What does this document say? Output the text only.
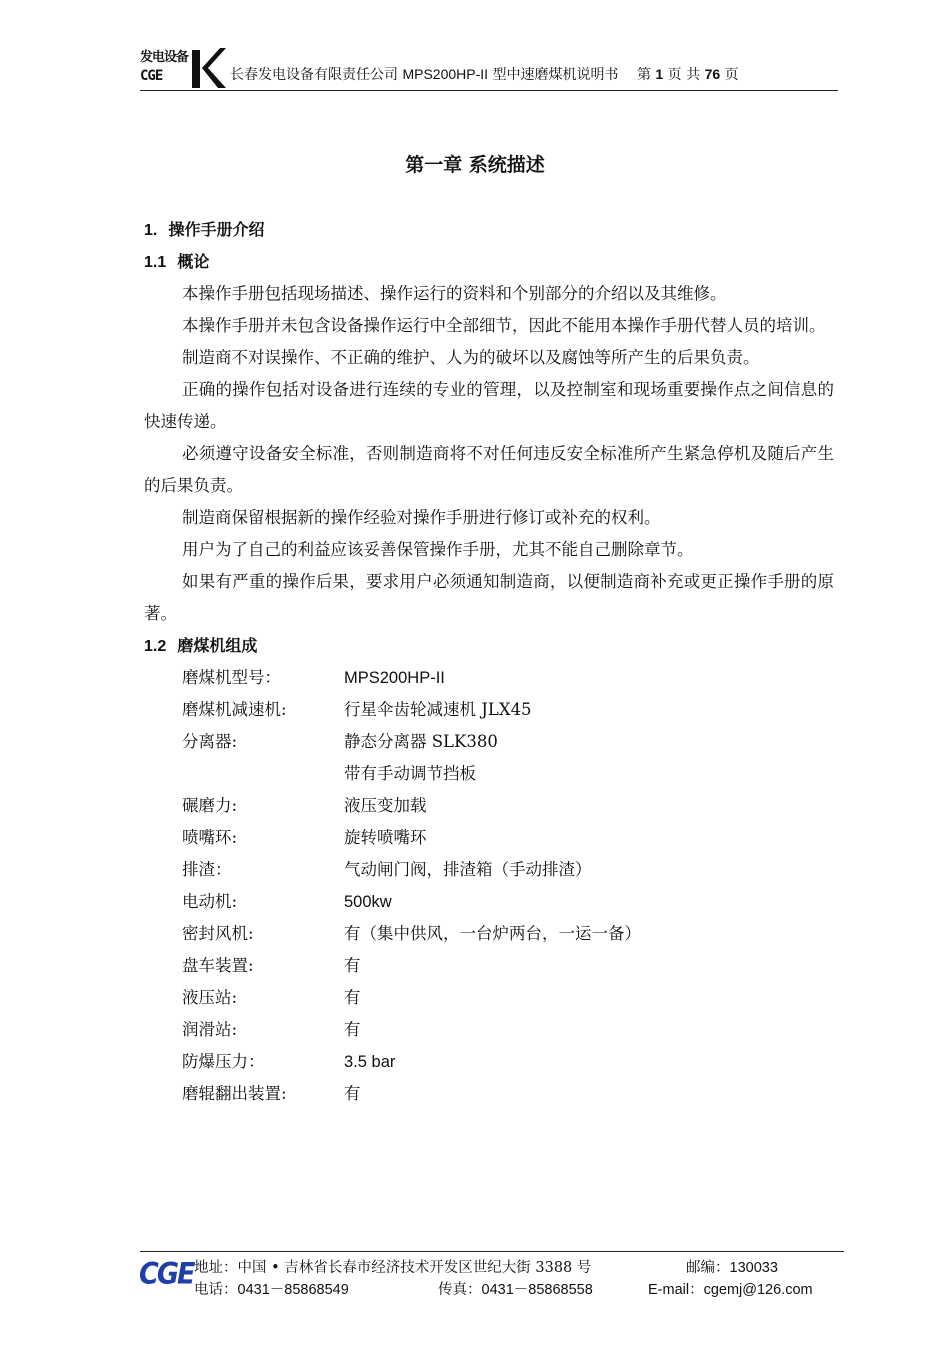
发电设备
CGE	长春发电设备有限责任公司 MPS200HP-II 型中速磨煤机说明书 第 1 页 共 76 页
第一章 系统描述
1. 操作手册介绍
1.1 概论

本操作手册包括现场描述、操作运行的资料和个别部分的介绍以及其维修。

本操作手册并未包含设备操作运行中全部细节，因此不能用本操作手册代替人员的培训。

制造商不对误操作、不正确的维护、人为的破坏以及腐蚀等所产生的后果负责。

正确的操作包括对设备进行连续的专业的管理，以及控制室和现场重要操作点之间信息的快速传递。

必须遵守设备安全标准，否则制造商将不对任何违反安全标准所产生紧急停机及随后产生的后果负责。

制造商保留根据新的操作经验对操作手册进行修订或补充的权利。

用户为了自己的利益应该妥善保管操作手册，尤其不能自己删除章节。

如果有严重的操作后果，要求用户必须通知制造商，以便制造商补充或更正操作手册的原著。

1.2 磨煤机组成
磨煤机型号：	MPS200HP-II
磨煤机减速机:	行星伞齿轮减速机 JLX45
分离器:	静态分离器 SLK380
带有手动调节挡板
碾磨力:	液压变加载
喷嘴环:	旋转喷嘴环
排渣：	气动闸门阀，排渣箱（手动排渣）
电动机:	500kw
密封风机:	有（集中供风，一台炉两台，一运一备）
盘车装置:	有
液压站:	有
润滑站:	有
防爆压力：	3.5 bar
磨辊翻出装置:	有
CGE 地址：中国 • 吉林省长春市经济技术开发区世纪大街 3388 号	邮编：130033
电话：0431－85868549	传真：0431－85868558	E-mail：cgemj@126.com
